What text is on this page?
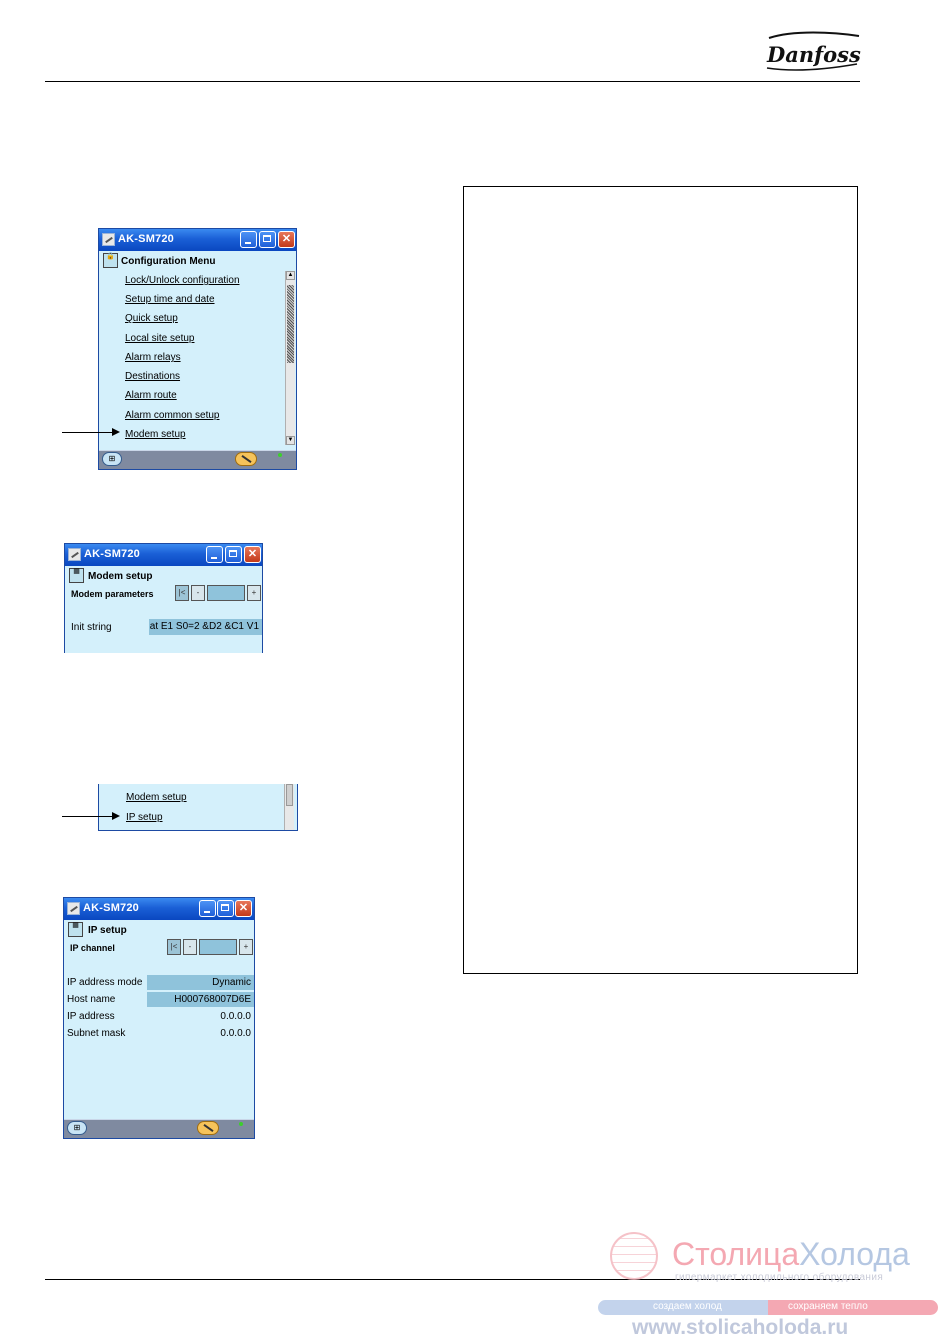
Danfoss
AK-SM720	✕
🔒 Configuration Menu
Lock/Unlock configuration
Setup time and date
Quick setup
Local site setup
Alarm relays
Destinations
Alarm route
Alarm common setup
Modem setup
▲
▼
⊞
AK-SM720	✕
▦ Modem setup
Modem parameters	|<	-	+
Init string	at E1 S0=2 &D2 &C1 V1
Modem setup
IP setup
AK-SM720	✕
▦ IP setup
IP channel	|<	-	+
IP address mode	Dynamic
Host name	H000768007D6E
IP address	0.0.0.0
Subnet mask	0.0.0.0
⊞
СтолицаХолода
гипермаркет холодильного оборудования
создаем холод	сохраняем тепло
www.stolicaholoda.ru
